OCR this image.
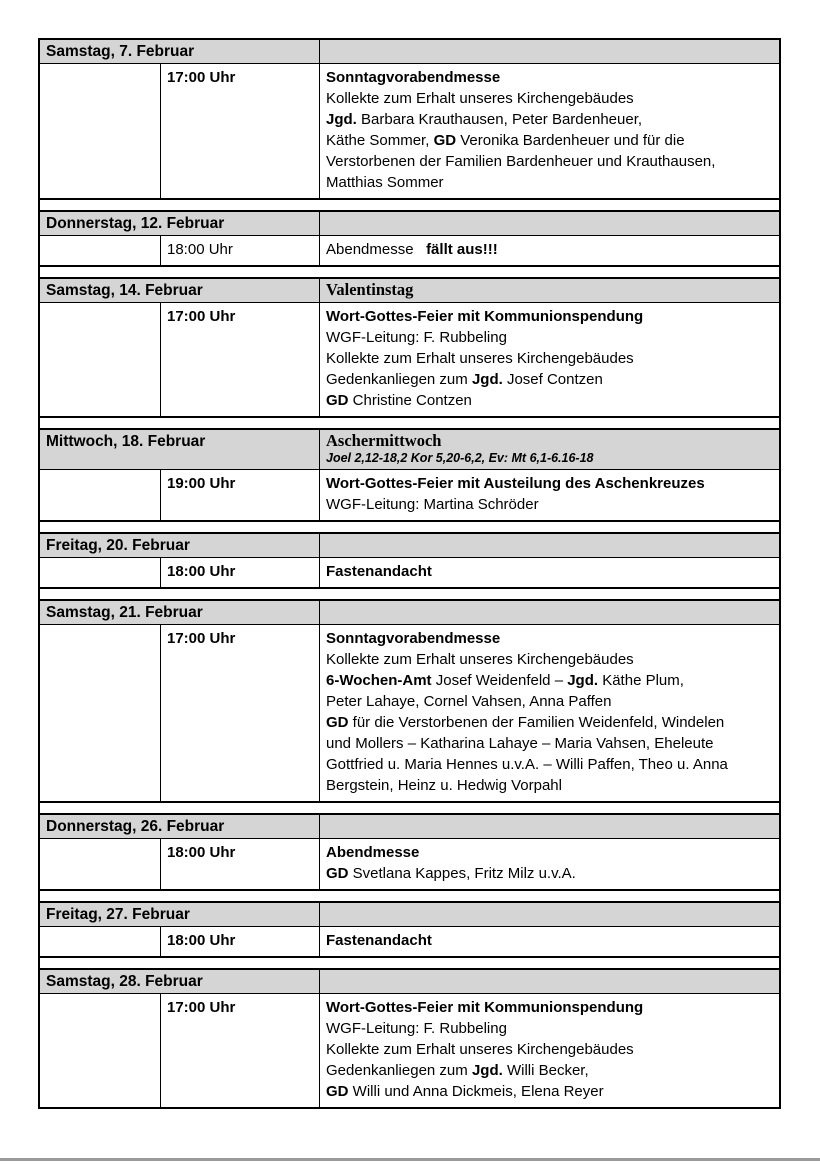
Samstag, 7. Februar
17:00 Uhr	Sonntagvorabendmesse
Kollekte zum Erhalt unseres Kirchengebäudes
Jgd. Barbara Krauthausen, Peter Bardenheuer,
Käthe Sommer, GD Veronika Bardenheuer und für die
Verstorbenen der Familien Bardenheuer und Krauthausen,
Matthias Sommer
Donnerstag, 12. Februar
18:00 Uhr	Abendmesse   fällt aus!!!
Samstag, 14. Februar	Valentinstag
17:00 Uhr	Wort-Gottes-Feier mit Kommunionspendung
WGF-Leitung: F. Rubbeling
Kollekte zum Erhalt unseres Kirchengebäudes
Gedenkanliegen zum Jgd. Josef Contzen
GD Christine Contzen
Mittwoch, 18. Februar	Aschermittwoch
Joel 2,12-18,2 Kor 5,20-6,2, Ev: Mt 6,1-6.16-18
19:00 Uhr	Wort-Gottes-Feier mit Austeilung des Aschenkreuzes
WGF-Leitung: Martina Schröder
Freitag, 20. Februar
18:00 Uhr	Fastenandacht
Samstag, 21. Februar
17:00 Uhr	Sonntagvorabendmesse
Kollekte zum Erhalt unseres Kirchengebäudes
6-Wochen-Amt Josef Weidenfeld – Jgd. Käthe Plum,
Peter Lahaye, Cornel Vahsen, Anna Paffen
GD für die Verstorbenen der Familien Weidenfeld, Windelen
und Mollers – Katharina Lahaye – Maria Vahsen, Eheleute
Gottfried u. Maria Hennes u.v.A. – Willi Paffen, Theo u. Anna
Bergstein, Heinz u. Hedwig Vorpahl
Donnerstag, 26. Februar
18:00 Uhr	Abendmesse
GD Svetlana Kappes, Fritz Milz u.v.A.
Freitag, 27. Februar
18:00 Uhr	Fastenandacht
Samstag, 28. Februar
17:00 Uhr	Wort-Gottes-Feier mit Kommunionspendung
WGF-Leitung: F. Rubbeling
Kollekte zum Erhalt unseres Kirchengebäudes
Gedenkanliegen zum Jgd. Willi Becker,
GD Willi und Anna Dickmeis, Elena Reyer
